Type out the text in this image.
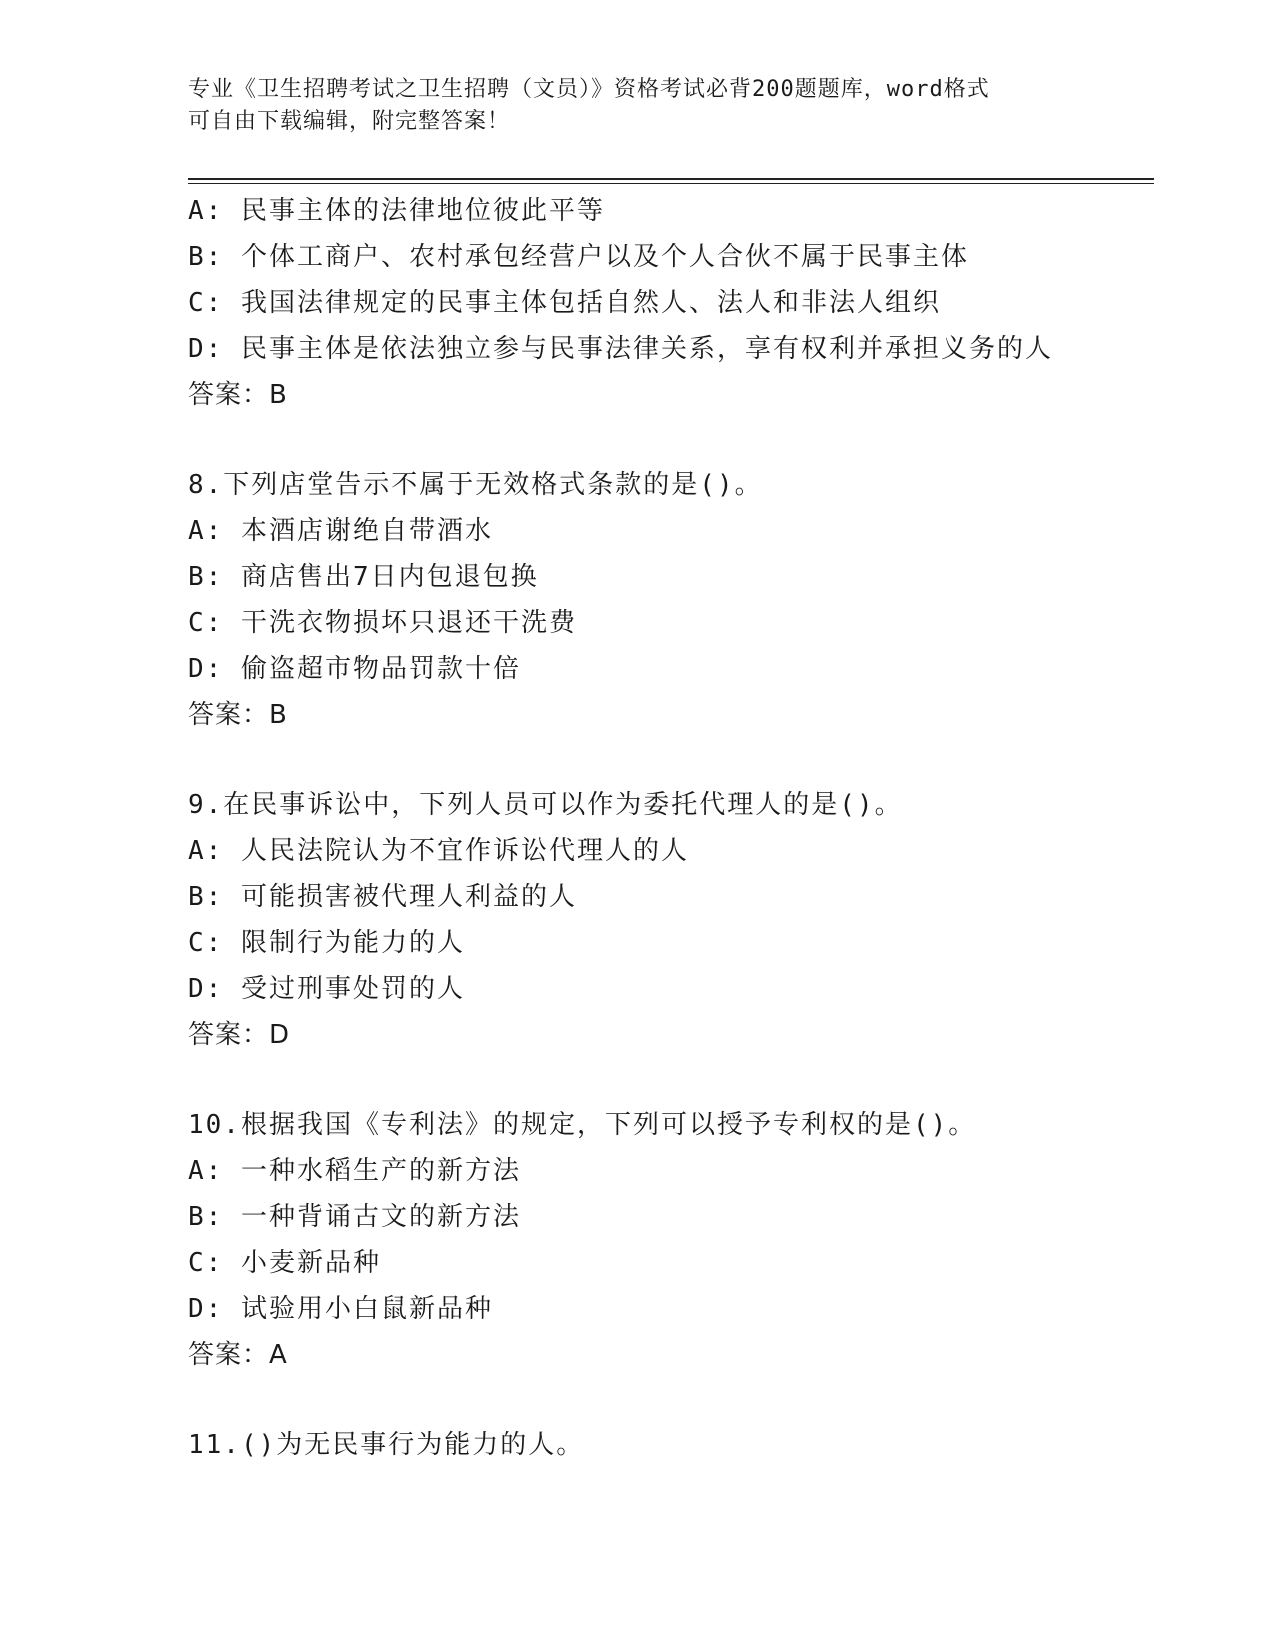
专业《卫生招聘考试之卫生招聘（文员）》资格考试必背200题题库，word格式
可自由下载编辑，附完整答案！
A: 民事主体的法律地位彼此平等
B: 个体工商户、农村承包经营户以及个人合伙不属于民事主体
C: 我国法律规定的民事主体包括自然人、法人和非法人组织
D: 民事主体是依法独立参与民事法律关系，享有权利并承担义务的人
答案：B
8.下列店堂告示不属于无效格式条款的是()。
A: 本酒店谢绝自带酒水
B: 商店售出7日内包退包换
C: 干洗衣物损坏只退还干洗费
D: 偷盗超市物品罚款十倍
答案：B
9.在民事诉讼中，下列人员可以作为委托代理人的是()。
A: 人民法院认为不宜作诉讼代理人的人
B: 可能损害被代理人利益的人
C: 限制行为能力的人
D: 受过刑事处罚的人
答案：D
10.根据我国《专利法》的规定，下列可以授予专利权的是()。
A: 一种水稻生产的新方法
B: 一种背诵古文的新方法
C: 小麦新品种
D: 试验用小白鼠新品种
答案：A
11.()为无民事行为能力的人。
